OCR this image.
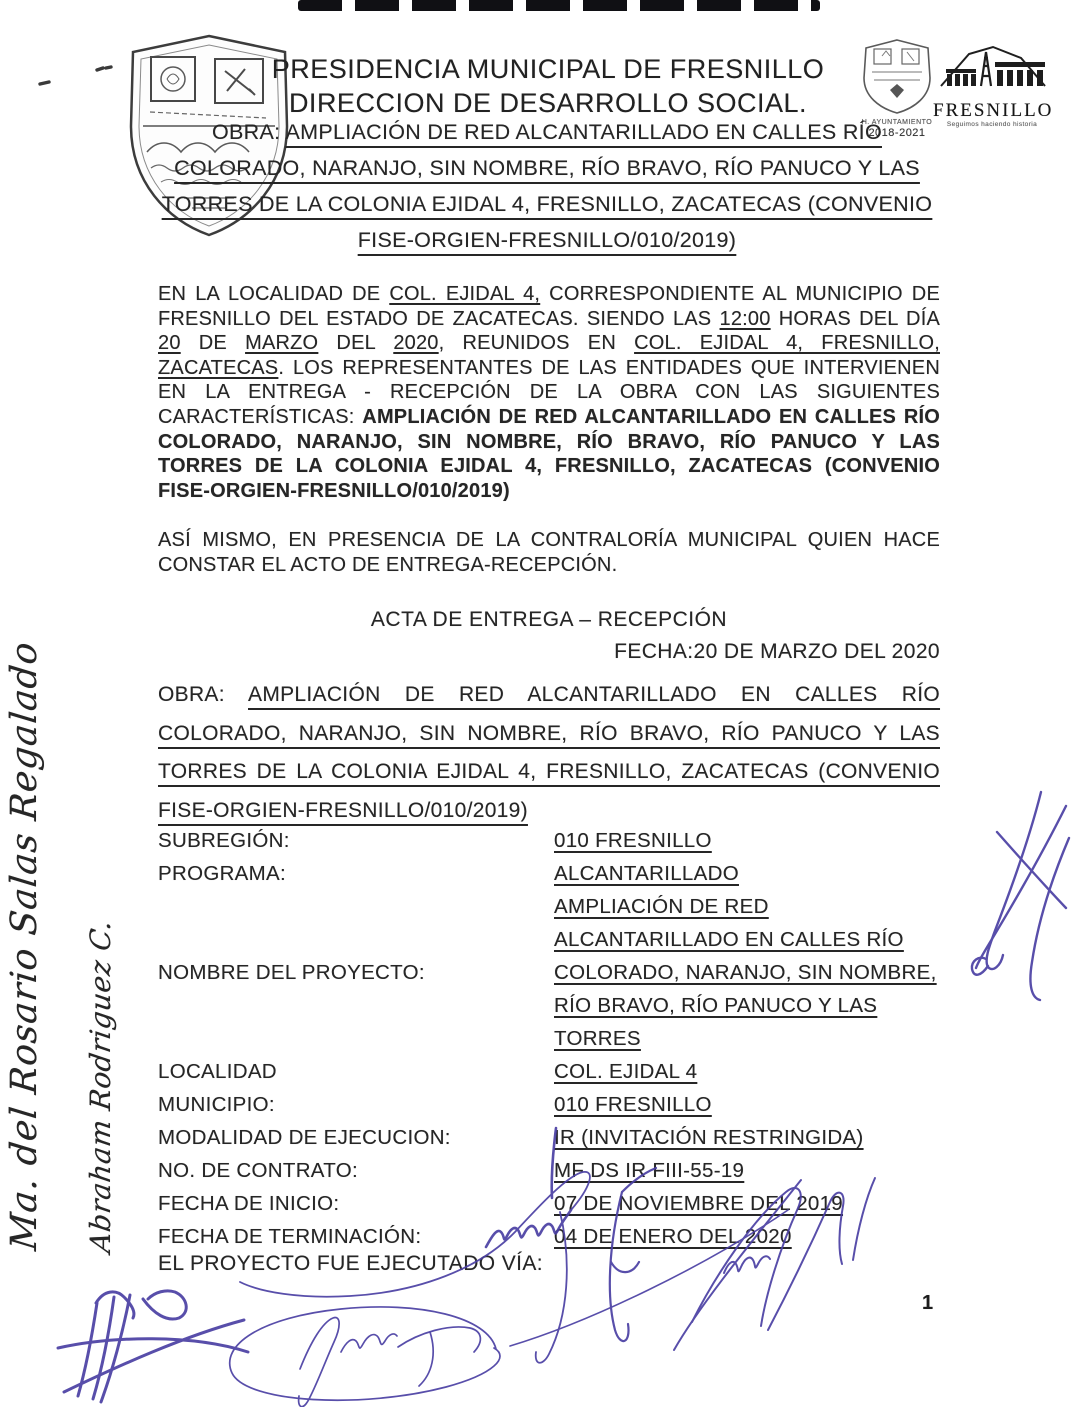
PRESIDENCIA MUNICIPAL DE FRESNILLO
DIRECCION DE DESARROLLO SOCIAL.
H. AYUNTAMIENTO
2018-2021
FRESNILLO
Seguimos haciendo historia
OBRA: AMPLIACIÓN DE RED ALCANTARILLADO EN CALLES RÍO COLORADO, NARANJO, SIN NOMBRE, RÍO BRAVO, RÍO PANUCO Y LAS TORRES DE LA COLONIA EJIDAL 4, FRESNILLO, ZACATECAS (CONVENIO FISE-ORGIEN-FRESNILLO/010/2019)
EN LA LOCALIDAD DE COL. EJIDAL 4, CORRESPONDIENTE AL MUNICIPIO DE FRESNILLO DEL ESTADO DE ZACATECAS. SIENDO LAS 12:00 HORAS DEL DÍA 20 DE MARZO DEL 2020, REUNIDOS EN COL. EJIDAL 4, FRESNILLO, ZACATECAS. LOS REPRESENTANTES DE LAS ENTIDADES QUE INTERVIENEN EN LA ENTREGA - RECEPCIÓN DE LA OBRA CON LAS SIGUIENTES CARACTERÍSTICAS: AMPLIACIÓN DE RED ALCANTARILLADO EN CALLES RÍO COLORADO, NARANJO, SIN NOMBRE, RÍO BRAVO, RÍO PANUCO Y LAS TORRES DE LA COLONIA EJIDAL 4, FRESNILLO, ZACATECAS (CONVENIO FISE-ORGIEN-FRESNILLO/010/2019)
ASÍ MISMO, EN PRESENCIA DE LA CONTRALORÍA MUNICIPAL QUIEN HACE CONSTAR EL ACTO DE ENTREGA-RECEPCIÓN.
ACTA DE ENTREGA – RECEPCIÓN
FECHA:20 DE MARZO DEL 2020
OBRA: AMPLIACIÓN DE RED ALCANTARILLADO EN CALLES RÍO COLORADO, NARANJO, SIN NOMBRE, RÍO BRAVO, RÍO PANUCO Y LAS TORRES DE LA COLONIA EJIDAL 4, FRESNILLO, ZACATECAS (CONVENIO FISE-ORGIEN-FRESNILLO/010/2019)
SUBREGIÓN:	010 FRESNILLO
PROGRAMA:	ALCANTARILLADO
NOMBRE DEL PROYECTO:
AMPLIACIÓN DE RED ALCANTARILLADO EN CALLES RÍO COLORADO, NARANJO, SIN NOMBRE, RÍO BRAVO, RÍO PANUCO Y LAS TORRES
LOCALIDAD	COL. EJIDAL 4
MUNICIPIO:	010 FRESNILLO
MODALIDAD DE EJECUCION:	IR (INVITACIÓN RESTRINGIDA)
NO. DE CONTRATO:	MF DS IR FIII-55-19
FECHA DE INICIO:	07 DE NOVIEMBRE DEL 2019
FECHA DE TERMINACIÓN:	04 DE ENERO DEL 2020
EL PROYECTO FUE EJECUTADO VÍA:
1
Ma. del Rosario Salas Regalado Abraham Rodriguez C.
